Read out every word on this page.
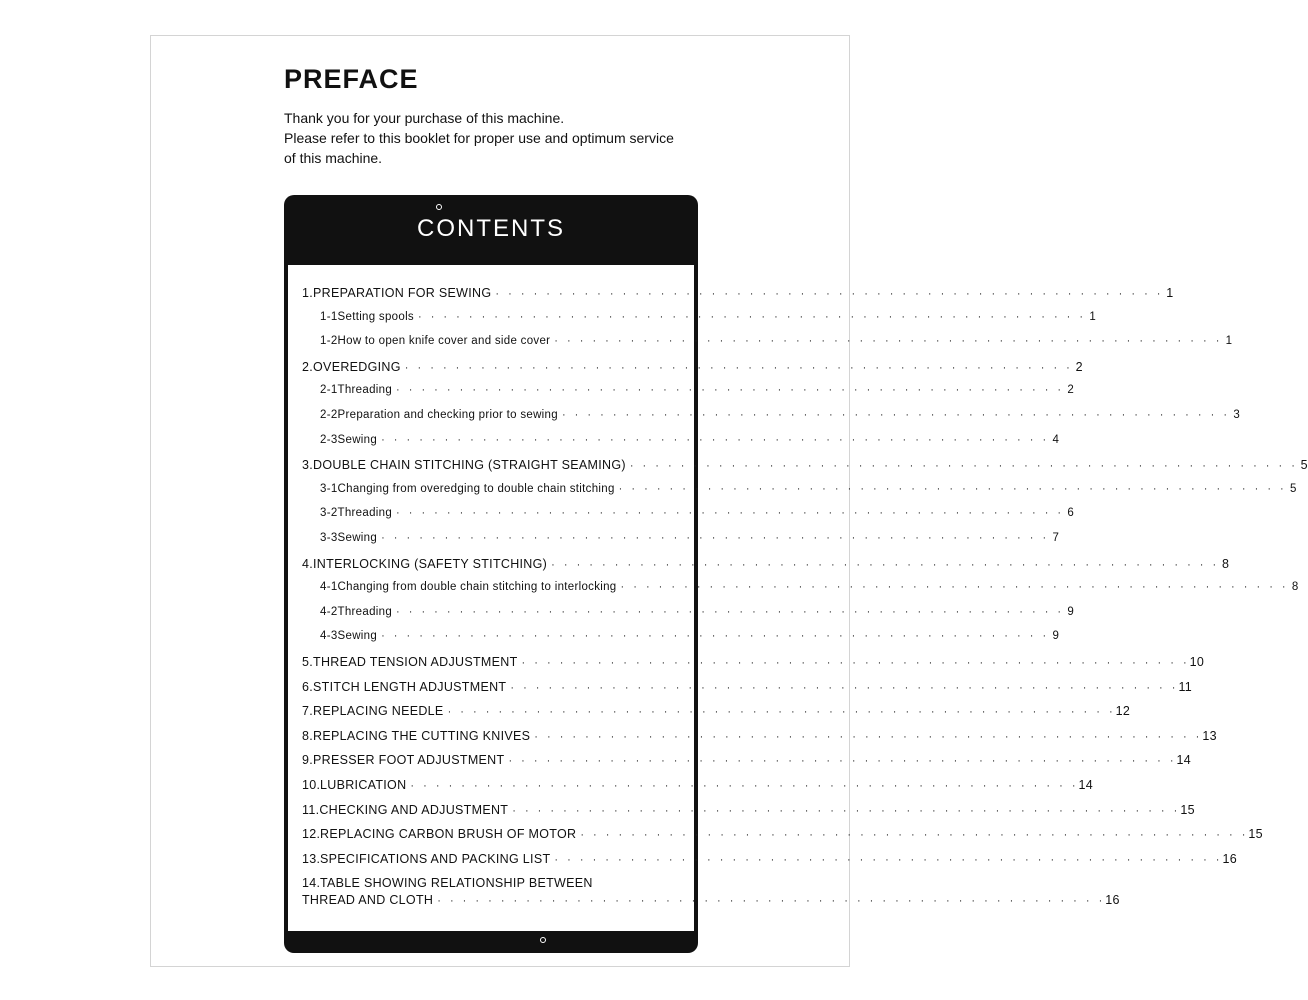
PREFACE
Thank you for your purchase of this machine.
Please refer to this booklet for proper use and optimum service
of this machine.
CONTENTS
1. PREPARATION FOR SEWING · · · · · · · · · · · · · · · · · · · · · · · · · · · · · · · · · · · · · · · · · · · · · · · · · · · · · 1
1-1 Setting spools · · · · · · · · · · · · · · · · · · · · · · · · · · · · · · · · · · · · · · · · · · · · · · · · · · · · · 1
1-2 How to open knife cover and side cover · · · · · · · · · · · · · · · · · · · · · · · · · · · · · · · · · · · · · · · · · · · · · · · · · · · · · 1
2. OVEREDGING · · · · · · · · · · · · · · · · · · · · · · · · · · · · · · · · · · · · · · · · · · · · · · · · · · · · · 2
2-1 Threading · · · · · · · · · · · · · · · · · · · · · · · · · · · · · · · · · · · · · · · · · · · · · · · · · · · · · 2
2-2 Preparation and checking prior to sewing · · · · · · · · · · · · · · · · · · · · · · · · · · · · · · · · · · · · · · · · · · · · · · · · · · · · · 3
2-3 Sewing · · · · · · · · · · · · · · · · · · · · · · · · · · · · · · · · · · · · · · · · · · · · · · · · · · · · · 4
3. DOUBLE CHAIN STITCHING (STRAIGHT SEAMING) · · · · · · · · · · · · · · · · · · · · · · · · · · · · · · · · · · · · · · · · · · · · · · · · · · · · · 5
3-1 Changing from overedging to double chain stitching · · · · · · · · · · · · · · · · · · · · · · · · · · · · · · · · · · · · · · · · · · · · · · · · · · · · · 5
3-2 Threading · · · · · · · · · · · · · · · · · · · · · · · · · · · · · · · · · · · · · · · · · · · · · · · · · · · · · 6
3-3 Sewing · · · · · · · · · · · · · · · · · · · · · · · · · · · · · · · · · · · · · · · · · · · · · · · · · · · · · 7
4. INTERLOCKING (SAFETY STITCHING) · · · · · · · · · · · · · · · · · · · · · · · · · · · · · · · · · · · · · · · · · · · · · · · · · · · · · 8
4-1 Changing from double chain stitching to interlocking · · · · · · · · · · · · · · · · · · · · · · · · · · · · · · · · · · · · · · · · · · · · · · · · · · · · · 8
4-2 Threading · · · · · · · · · · · · · · · · · · · · · · · · · · · · · · · · · · · · · · · · · · · · · · · · · · · · · 9
4-3 Sewing · · · · · · · · · · · · · · · · · · · · · · · · · · · · · · · · · · · · · · · · · · · · · · · · · · · · · 9
5. THREAD TENSION ADJUSTMENT · · · · · · · · · · · · · · · · · · · · · · · · · · · · · · · · · · · · · · · · · · · · · · · · · · · · · 10
6. STITCH LENGTH ADJUSTMENT · · · · · · · · · · · · · · · · · · · · · · · · · · · · · · · · · · · · · · · · · · · · · · · · · · · · · 11
7. REPLACING NEEDLE · · · · · · · · · · · · · · · · · · · · · · · · · · · · · · · · · · · · · · · · · · · · · · · · · · · · · 12
8. REPLACING THE CUTTING KNIVES · · · · · · · · · · · · · · · · · · · · · · · · · · · · · · · · · · · · · · · · · · · · · · · · · · · · · 13
9. PRESSER FOOT ADJUSTMENT · · · · · · · · · · · · · · · · · · · · · · · · · · · · · · · · · · · · · · · · · · · · · · · · · · · · · 14
10. LUBRICATION · · · · · · · · · · · · · · · · · · · · · · · · · · · · · · · · · · · · · · · · · · · · · · · · · · · · · 14
11. CHECKING AND ADJUSTMENT · · · · · · · · · · · · · · · · · · · · · · · · · · · · · · · · · · · · · · · · · · · · · · · · · · · · · 15
12. REPLACING CARBON BRUSH OF MOTOR · · · · · · · · · · · · · · · · · · · · · · · · · · · · · · · · · · · · · · · · · · · · · · · · · · · · · 15
13. SPECIFICATIONS AND PACKING LIST · · · · · · · · · · · · · · · · · · · · · · · · · · · · · · · · · · · · · · · · · · · · · · · · · · · · · 16
14. TABLE SHOWING RELATIONSHIP BETWEEN
THREAD AND CLOTH · · · · · · · · · · · · · · · · · · · · · · · · · · · · · · · · · · · · · · · · · · · · · · · · · · · · · 16
